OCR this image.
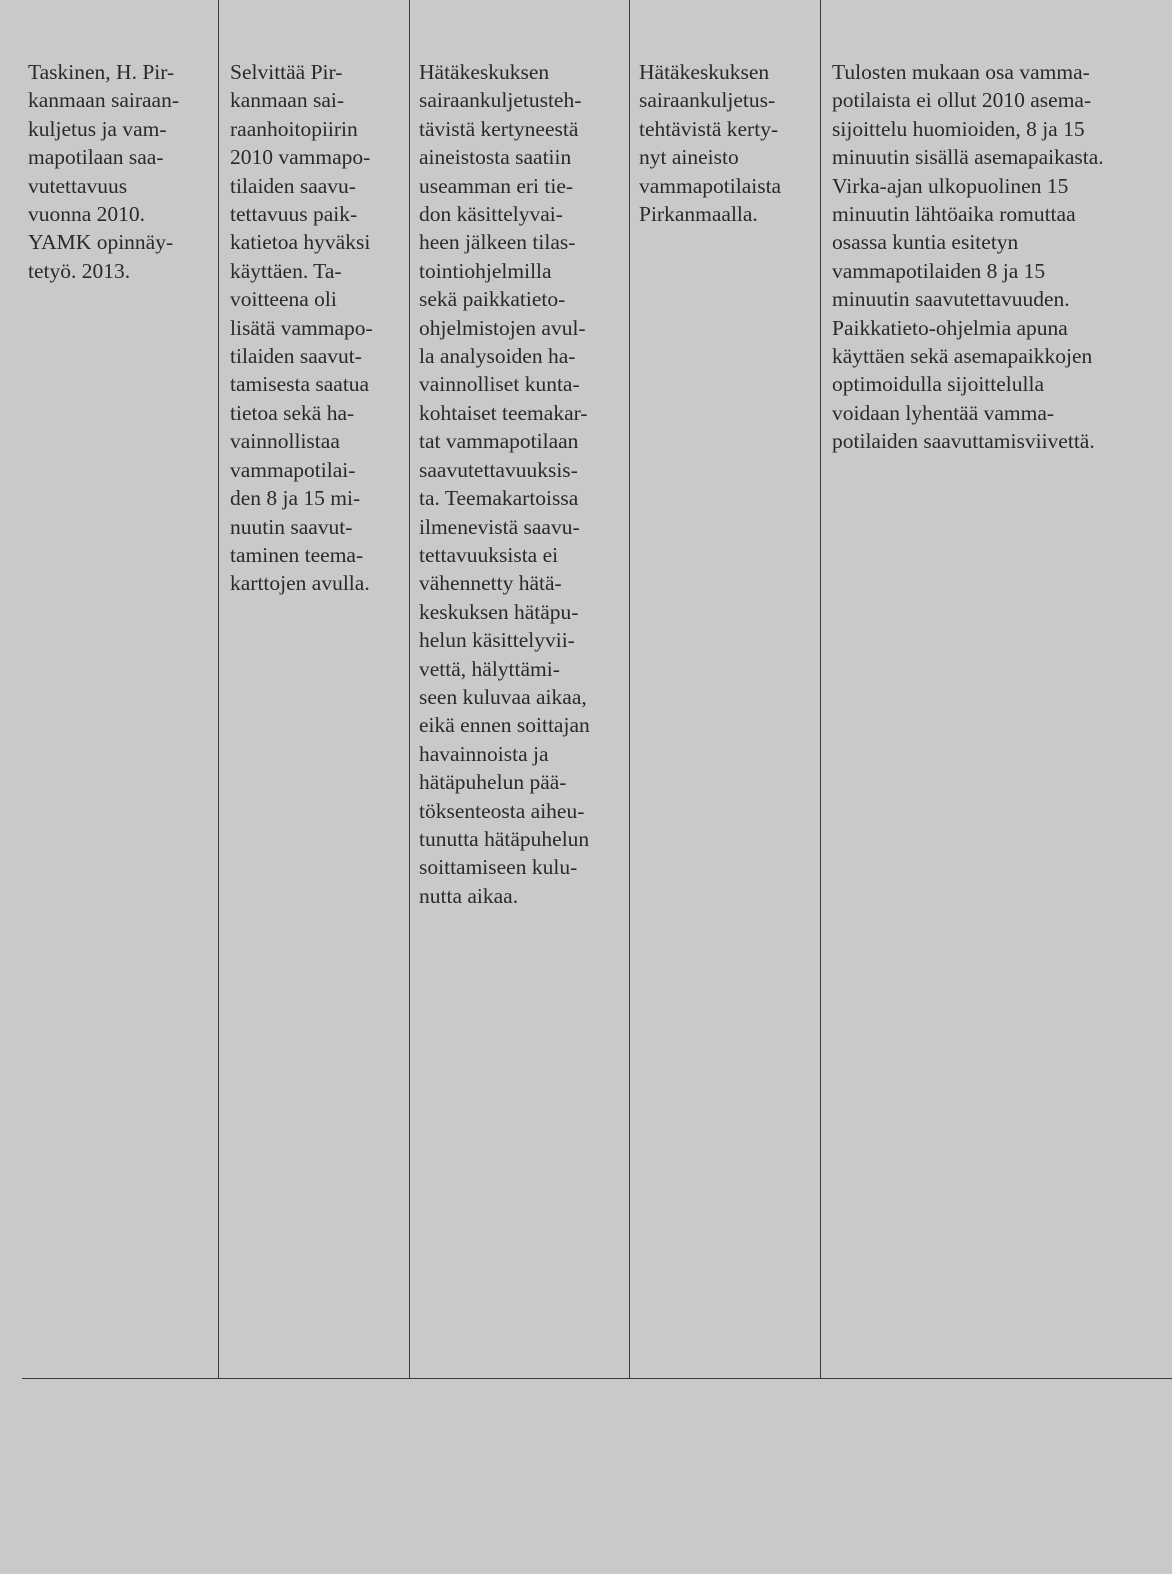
Taskinen, H. Pir-
kanmaan sairaan-
kuljetus ja vam-
mapotilaan saa-
vutettavuus
vuonna 2010.
YAMK opinnäy-
tetyö. 2013.
Selvittää Pir-
kanmaan sai-
raanhoitopiirin
2010 vammapo-
tilaiden saavu-
tettavuus paik-
katietoa hyväksi
käyttäen. Ta-
voitteena oli
lisätä vammapo-
tilaiden saavut-
tamisesta saatua
tietoa sekä ha-
vainnollistaa
vammapotilai-
den 8 ja 15 mi-
nuutin saavut-
taminen teema-
karttojen avulla.
Hätäkeskuksen
sairaankuljetusteh-
tävistä kertyneestä
aineistosta saatiin
useamman eri tie-
don käsittelyvai-
heen jälkeen tilas-
tointiohjelmilla
sekä paikkatieto-
ohjelmistojen avul-
la analysoiden ha-
vainnolliset kunta-
kohtaiset teemakar-
tat vammapotilaan
saavutettavuuksis-
ta. Teemakartoissa
ilmenevistä saavu-
tettavuuksista ei
vähennetty hätä-
keskuksen hätäpu-
helun käsittelyvii-
vettä, hälyttämi-
seen kuluvaa aikaa,
eikä ennen soittajan
havainnoista ja
hätäpuhelun pää-
töksenteosta aiheu-
tunutta hätäpuhelun
soittamiseen kulu-
nutta aikaa.
Hätäkeskuksen
sairaankuljetus-
tehtävistä kerty-
nyt aineisto
vammapotilaista
Pirkanmaalla.
Tulosten mukaan osa vamma-
potilaista ei ollut 2010 asema-
sijoittelu huomioiden, 8 ja 15
minuutin sisällä asemapaikasta.
Virka-ajan ulkopuolinen 15
minuutin lähtöaika romuttaa
osassa kuntia esitetyn
vammapotilaiden 8 ja 15
minuutin saavutettavuuden.
Paikkatieto-ohjelmia apuna
käyttäen sekä asemapaikkojen
optimoidulla sijoittelulla
voidaan lyhentää vamma-
potilaiden saavuttamisviivettä.
